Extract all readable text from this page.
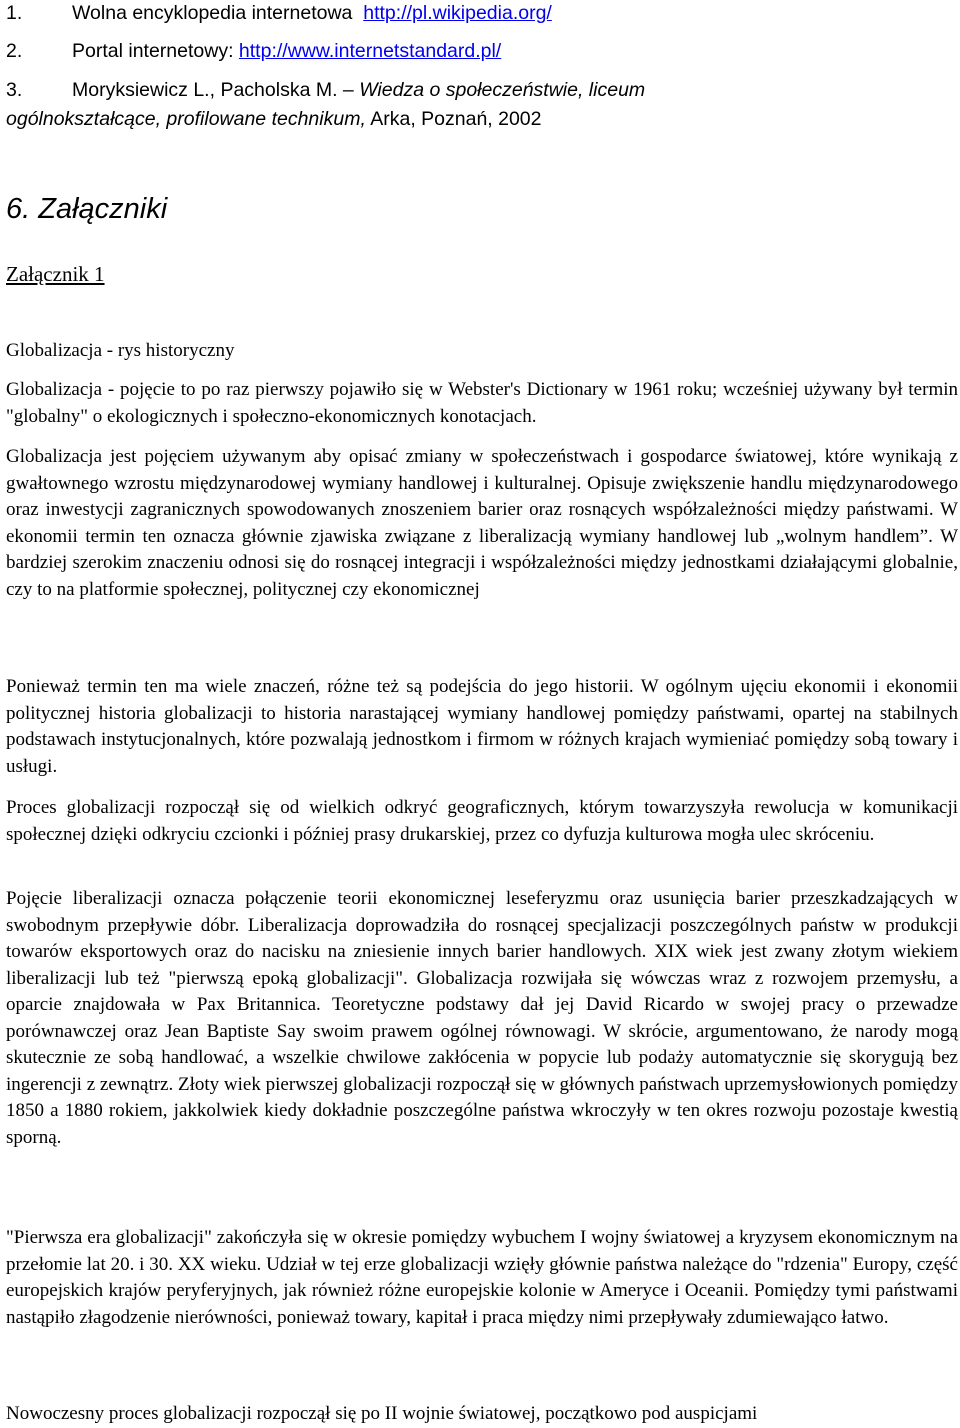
1.	Wolna encyklopedia internetowa http://pl.wikipedia.org/
2.	Portal internetowy: http://www.internetstandard.pl/
3.	Moryksiewicz L., Pacholska M. – Wiedza o społeczeństwie, liceum
ogólnokształcące, profilowane technikum, Arka, Poznań, 2002
6. Załączniki
Załącznik 1
Globalizacja - rys historyczny
Globalizacja - pojęcie to po raz pierwszy pojawiło się w Webster's Dictionary w 1961 roku; wcześniej używany był termin "globalny" o ekologicznych i społeczno-ekonomicznych konotacjach.
Globalizacja jest pojęciem używanym aby opisać zmiany w społeczeństwach i gospodarce światowej, które wynikają z gwałtownego wzrostu międzynarodowej wymiany handlowej i kulturalnej. Opisuje zwiększenie handlu międzynarodowego oraz inwestycji zagranicznych spowodowanych znoszeniem barier oraz rosnących współzależności między państwami. W ekonomii termin ten oznacza głównie zjawiska związane z liberalizacją wymiany handlowej lub „wolnym handlem”. W bardziej szerokim znaczeniu odnosi się do rosnącej integracji i współzależności między jednostkami działającymi globalnie, czy to na platformie społecznej, politycznej czy ekonomicznej
Ponieważ termin ten ma wiele znaczeń, różne też są podejścia do jego historii. W ogólnym ujęciu ekonomii i ekonomii politycznej historia globalizacji to historia narastającej wymiany handlowej pomiędzy państwami, opartej na stabilnych podstawach instytucjonalnych, które pozwalają jednostkom i firmom w różnych krajach wymieniać pomiędzy sobą towary i usługi.
Proces globalizacji rozpoczął się od wielkich odkryć geograficznych, którym towarzyszyła rewolucja w komunikacji społecznej dzięki odkryciu czcionki i później prasy drukarskiej, przez co dyfuzja kulturowa mogła ulec skróceniu.
Pojęcie liberalizacji oznacza połączenie teorii ekonomicznej leseferyzmu oraz usunięcia barier przeszkadzających w swobodnym przepływie dóbr. Liberalizacja doprowadziła do rosnącej specjalizacji poszczególnych państw w produkcji towarów eksportowych oraz do nacisku na zniesienie innych barier handlowych. XIX wiek jest zwany złotym wiekiem liberalizacji lub też "pierwszą epoką globalizacji". Globalizacja rozwijała się wówczas wraz z rozwojem przemysłu, a oparcie znajdowała w Pax Britannica. Teoretyczne podstawy dał jej David Ricardo w swojej pracy o przewadze porównawczej oraz Jean Baptiste Say swoim prawem ogólnej równowagi. W skrócie, argumentowano, że narody mogą skutecznie ze sobą handlować, a wszelkie chwilowe zakłócenia w popycie lub podaży automatycznie się skorygują bez ingerencji z zewnątrz. Złoty wiek pierwszej globalizacji rozpoczął się w głównych państwach uprzemysłowionych pomiędzy 1850 a 1880 rokiem, jakkolwiek kiedy dokładnie poszczególne państwa wkroczyły w ten okres rozwoju pozostaje kwestią sporną.
"Pierwsza era globalizacji" zakończyła się w okresie pomiędzy wybuchem I wojny światowej a kryzysem ekonomicznym na przełomie lat 20. i 30. XX wieku. Udział w tej erze globalizacji wzięły głównie państwa należące do "rdzenia" Europy, część europejskich krajów peryferyjnych, jak również różne europejskie kolonie w Ameryce i Oceanii. Pomiędzy tymi państwami nastąpiło złagodzenie nierówności, ponieważ towary, kapitał i praca między nimi przepływały zdumiewająco łatwo.
Nowoczesny proces globalizacji rozpoczął się po II wojnie światowej, początkowo pod auspicjami
